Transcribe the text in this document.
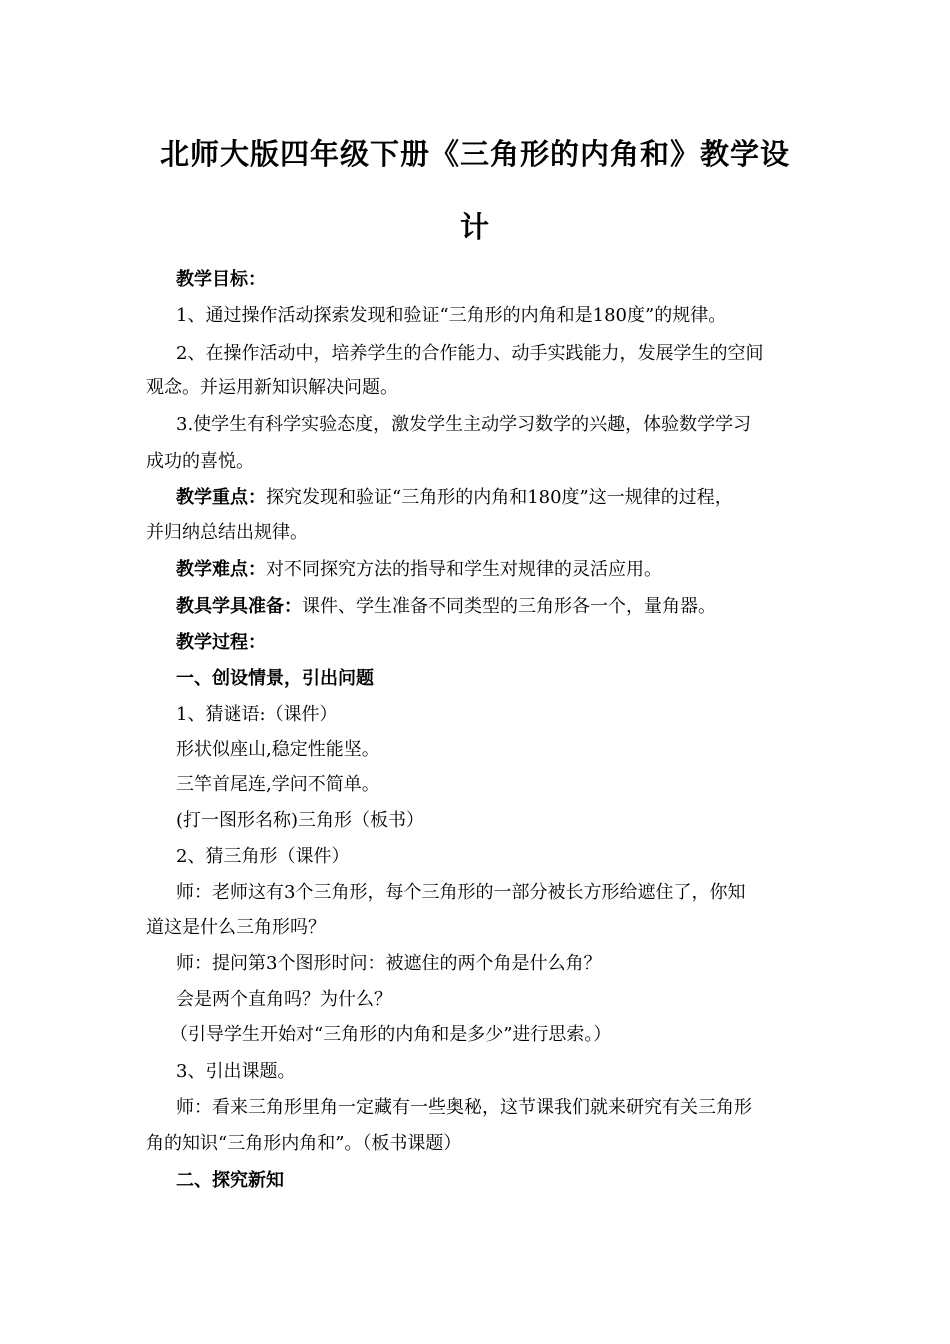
北师大版四年级下册《三角形的内角和》教学设
计
教学目标：
1、通过操作活动探索发现和验证“三角形的内角和是180度”的规律。
2、在操作活动中，培养学生的合作能力、动手实践能力，发展学生的空间
观念。并运用新知识解决问题。
3.使学生有科学实验态度，激发学生主动学习数学的兴趣，体验数学学习
成功的喜悦。
教学重点：探究发现和验证“三角形的内角和180度”这一规律的过程，
并归纳总结出规律。
教学难点：对不同探究方法的指导和学生对规律的灵活应用。
教具学具准备：课件、学生准备不同类型的三角形各一个，量角器。
教学过程：
一、创设情景，引出问题
1、猜谜语:（课件）
形状似座山,稳定性能坚。
三竿首尾连,学问不简单。
(打一图形名称)三角形（板书）
2、猜三角形（课件）
师：老师这有3个三角形，每个三角形的一部分被长方形给遮住了，你知
道这是什么三角形吗？
师：提问第3个图形时问：被遮住的两个角是什么角？
会是两个直角吗？为什么？
（引导学生开始对“三角形的内角和是多少”进行思索。）
3、引出课题。
师：看来三角形里角一定藏有一些奥秘，这节课我们就来研究有关三角形
角的知识“三角形内角和”。（板书课题）
二、探究新知
